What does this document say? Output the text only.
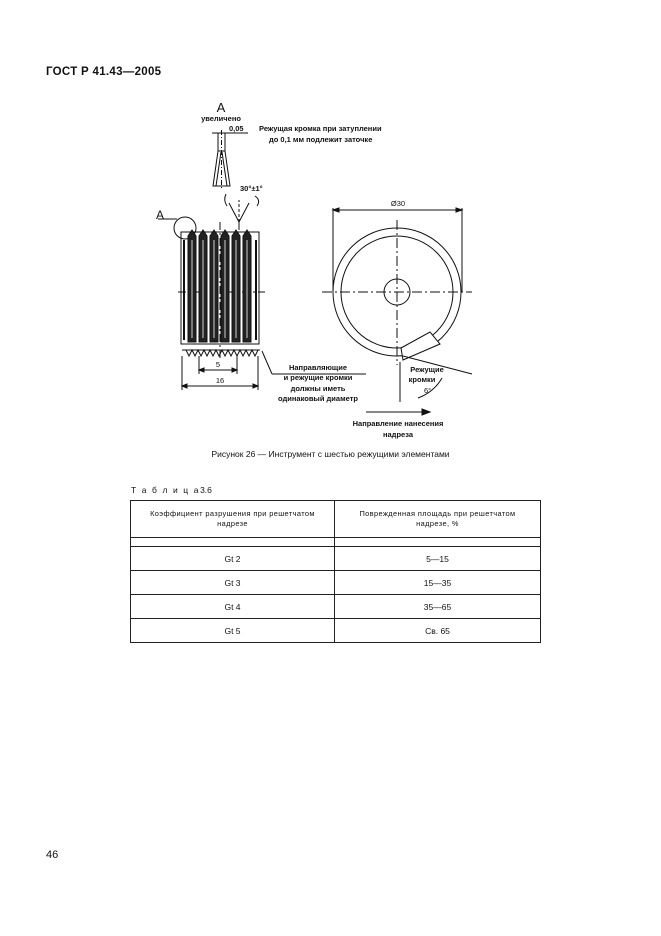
ГОСТ Р 41.43—2005
A
увеличено
0,05 Режущая кромка при затуплении
до 0,1 мм подлежит заточке
30°±1°
A
5
16
Ø30
Направляющие
и режущие кромки
должны иметь
одинаковый диаметр
Режущие
кромки
6°
Направление нанесения
надреза
Рисунок 26 — Инструмент с шестью режущими элементами
Т а б л и ц а3.6
Коэффициент разрушения при решетчатом надрезе	Поврежденная площадь при решетчатом надрезе, %

Gt 2	5—15
Gt 3	15—35
Gt 4	35—65
Gt 5	Св. 65
46
